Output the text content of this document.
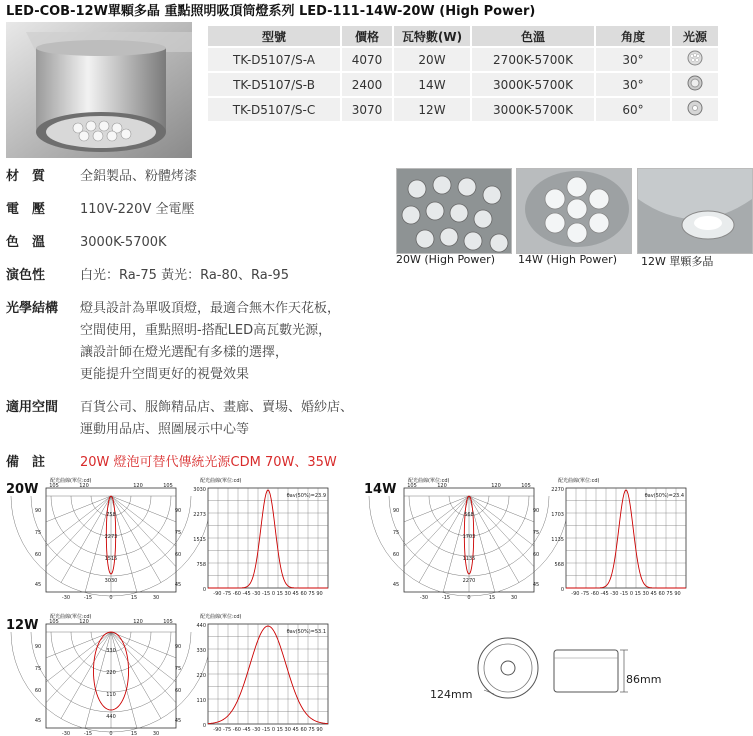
LED-COB-12W單顆多晶 重點照明吸頂筒燈系列 LED-111-14W-20W (High Power)
型號	價格	瓦特數(W)	色溫	角度	光源
TK-D5107/S-A	4070	20W	2700K-5700K	30°	
TK-D5107/S-B	2400	14W	3000K-5700K	30°	
TK-D5107/S-C	3070	12W	3000K-5700K	60°	
材　質	全鋁製品、粉體烤漆
電　壓	110V-220V 全電壓
色　溫	3000K-5700K
演色性	白光：Ra-75 黃光：Ra-80、Ra-95
光學結構	燈具設計為單吸頂燈，最適合無木作天花板，
空間使用，重點照明-搭配LED高瓦數光源，
讓設計師在燈光選配有多樣的選擇，
更能提升空間更好的視覺效果
適用空間	百貨公司、服飾精品店、畫廊、賣場、婚紗店、
運動用品店、照圖展示中心等
備　註	20W 燈泡可替代傳統光源CDM 70W、35W
20W (High Power) 14W (High Power) 12W 單顆多晶
20W	14W
12W
配光曲線(單位:cd)
3030
1515
2273
758
105	120	120	105
90	90
75	75
60	60
45	45
-30	-15	0	15	30
配光曲線(單位:cd)
θav(50%)=23.9
3030
2273
1515
758
0
-90 -75 -60 -45 -30 -15 0 15 30 45 60 75 90
配光曲線(單位:cd)
2270
1135
1703
568
105	120	120	105
90	90
75	75
60	60
45	45
-30	-15	0	15	30
配光曲線(單位:cd)
θav(50%)=23.4
2270
1703
1135
568
0
-90 -75 -60 -45 -30 -15 0 15 30 45 60 75 90
配光曲線(單位:cd)
440
110
220
330
105	120	120	105
90	90
75	75
60	60
45	45
-30	-15	0	15	30
配光曲線(單位:cd)
θav(50%)=53.1
440
330
220
110
0
-90 -75 -60 -45 -30 -15 0 15 30 45 60 75 90
124mm
86mm
